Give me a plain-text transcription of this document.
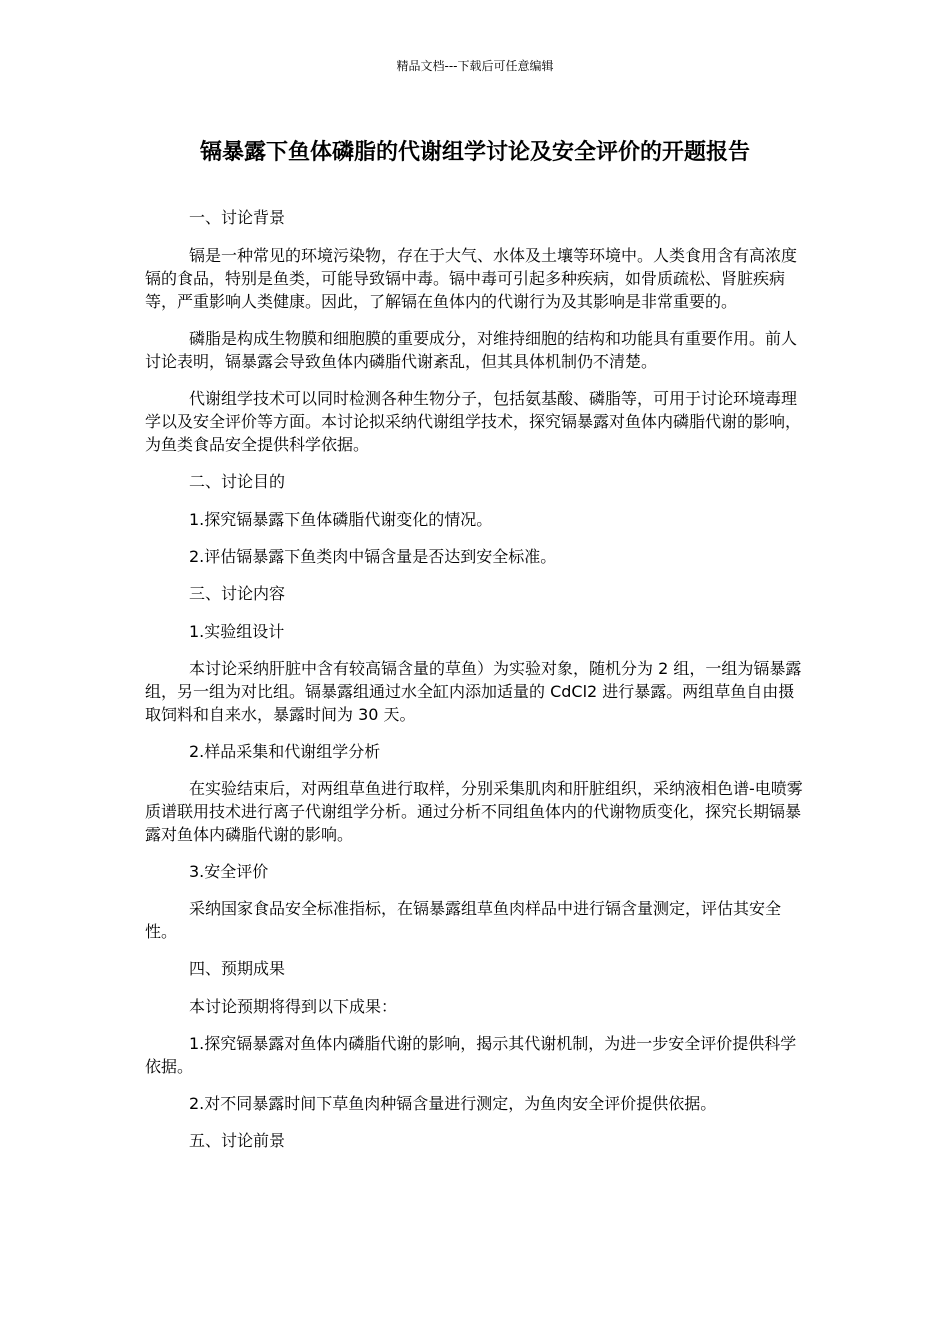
精品文档---下载后可任意编辑
镉暴露下鱼体磷脂的代谢组学讨论及安全评价的开题报告

一、讨论背景

镉是一种常见的环境污染物，存在于大气、水体及土壤等环境中。人类食用含有高浓度镉的食品，特别是鱼类，可能导致镉中毒。镉中毒可引起多种疾病，如骨质疏松、肾脏疾病等，严重影响人类健康。因此，了解镉在鱼体内的代谢行为及其影响是非常重要的。

磷脂是构成生物膜和细胞膜的重要成分，对维持细胞的结构和功能具有重要作用。前人讨论表明，镉暴露会导致鱼体内磷脂代谢紊乱，但其具体机制仍不清楚。

代谢组学技术可以同时检测各种生物分子，包括氨基酸、磷脂等，可用于讨论环境毒理学以及安全评价等方面。本讨论拟采纳代谢组学技术，探究镉暴露对鱼体内磷脂代谢的影响，为鱼类食品安全提供科学依据。

二、讨论目的

1.探究镉暴露下鱼体磷脂代谢变化的情况。

2.评估镉暴露下鱼类肉中镉含量是否达到安全标准。

三、讨论内容

1.实验组设计

本讨论采纳肝脏中含有较高镉含量的草鱼）为实验对象，随机分为 2 组，一组为镉暴露组，另一组为对比组。镉暴露组通过水全缸内添加适量的 CdCl2 进行暴露。两组草鱼自由摄取饲料和自来水，暴露时间为 30 天。

2.样品采集和代谢组学分析

在实验结束后，对两组草鱼进行取样，分别采集肌肉和肝脏组织，采纳液相色谱-电喷雾质谱联用技术进行离子代谢组学分析。通过分析不同组鱼体内的代谢物质变化，探究长期镉暴露对鱼体内磷脂代谢的影响。

3.安全评价

采纳国家食品安全标准指标，在镉暴露组草鱼肉样品中进行镉含量测定，评估其安全性。

四、预期成果

本讨论预期将得到以下成果：

1.探究镉暴露对鱼体内磷脂代谢的影响，揭示其代谢机制，为进一步安全评价提供科学依据。

2.对不同暴露时间下草鱼肉种镉含量进行测定，为鱼肉安全评价提供依据。

五、讨论前景
